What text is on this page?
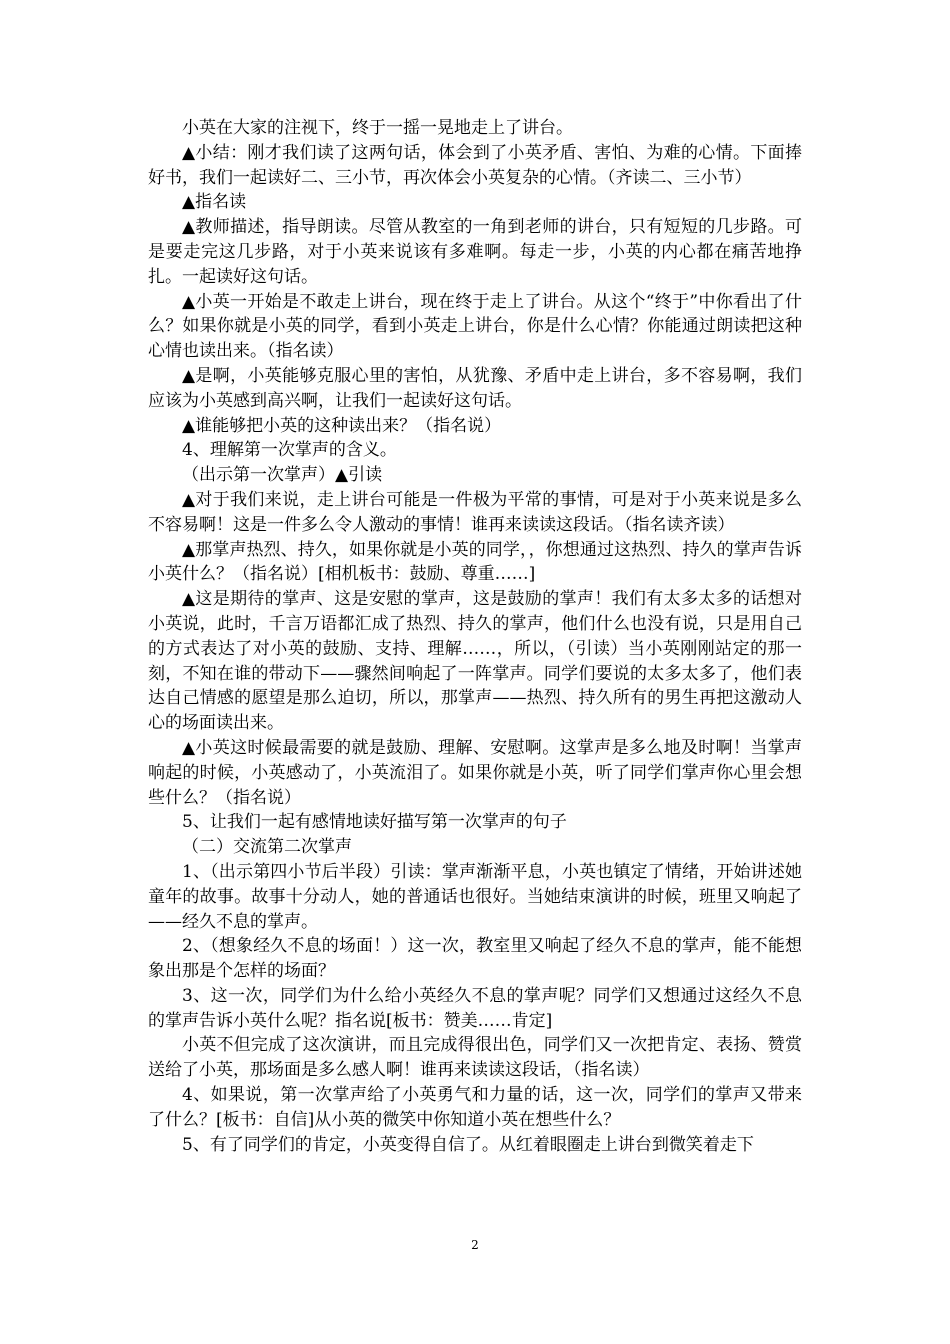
小英在大家的注视下，终于一摇一晃地走上了讲台。

▲小结：刚才我们读了这两句话，体会到了小英矛盾、害怕、为难的心情。下面捧好书，我们一起读好二、三小节，再次体会小英复杂的心情。（齐读二、三小节）

▲指名读

▲教师描述，指导朗读。尽管从教室的一角到老师的讲台，只有短短的几步路。可是要走完这几步路，对于小英来说该有多难啊。每走一步，小英的内心都在痛苦地挣扎。一起读好这句话。

▲小英一开始是不敢走上讲台，现在终于走上了讲台。从这个“终于”中你看出了什么？如果你就是小英的同学，看到小英走上讲台，你是什么心情？你能通过朗读把这种心情也读出来。（指名读）

▲是啊，小英能够克服心里的害怕，从犹豫、矛盾中走上讲台，多不容易啊，我们应该为小英感到高兴啊，让我们一起读好这句话。

▲谁能够把小英的这种读出来？（指名说）

4、理解第一次掌声的含义。

（出示第一次掌声）▲引读

▲对于我们来说，走上讲台可能是一件极为平常的事情，可是对于小英来说是多么不容易啊！这是一件多么令人激动的事情！谁再来读读这段话。（指名读齐读）

▲那掌声热烈、持久，如果你就是小英的同学，，你想通过这热烈、持久的掌声告诉小英什么？（指名说）[相机板书：鼓励、尊重……]

▲这是期待的掌声、这是安慰的掌声，这是鼓励的掌声！我们有太多太多的话想对小英说，此时，千言万语都汇成了热烈、持久的掌声，他们什么也没有说，只是用自己的方式表达了对小英的鼓励、支持、理解……，所以，（引读）当小英刚刚站定的那一刻，不知在谁的带动下——骤然间响起了一阵掌声。同学们要说的太多太多了，他们表达自己情感的愿望是那么迫切，所以，那掌声——热烈、持久所有的男生再把这激动人心的场面读出来。

▲小英这时候最需要的就是鼓励、理解、安慰啊。这掌声是多么地及时啊！当掌声响起的时候，小英感动了，小英流泪了。如果你就是小英，听了同学们掌声你心里会想些什么？（指名说）

5、让我们一起有感情地读好描写第一次掌声的句子

（二）交流第二次掌声

1、（出示第四小节后半段）引读：掌声渐渐平息，小英也镇定了情绪，开始讲述她童年的故事。故事十分动人，她的普通话也很好。当她结束演讲的时候，班里又响起了——经久不息的掌声。

2、（想象经久不息的场面！）这一次，教室里又响起了经久不息的掌声，能不能想象出那是个怎样的场面？

3、这一次，同学们为什么给小英经久不息的掌声呢？同学们又想通过这经久不息的掌声告诉小英什么呢？指名说[板书：赞美……肯定]

小英不但完成了这次演讲，而且完成得很出色，同学们又一次把肯定、表扬、赞赏送给了小英，那场面是多么感人啊！谁再来读读这段话，（指名读）

4、如果说，第一次掌声给了小英勇气和力量的话，这一次，同学们的掌声又带来了什么？[板书：自信]从小英的微笑中你知道小英在想些什么？

5、有了同学们的肯定，小英变得自信了。从红着眼圈走上讲台到微笑着走下

2
